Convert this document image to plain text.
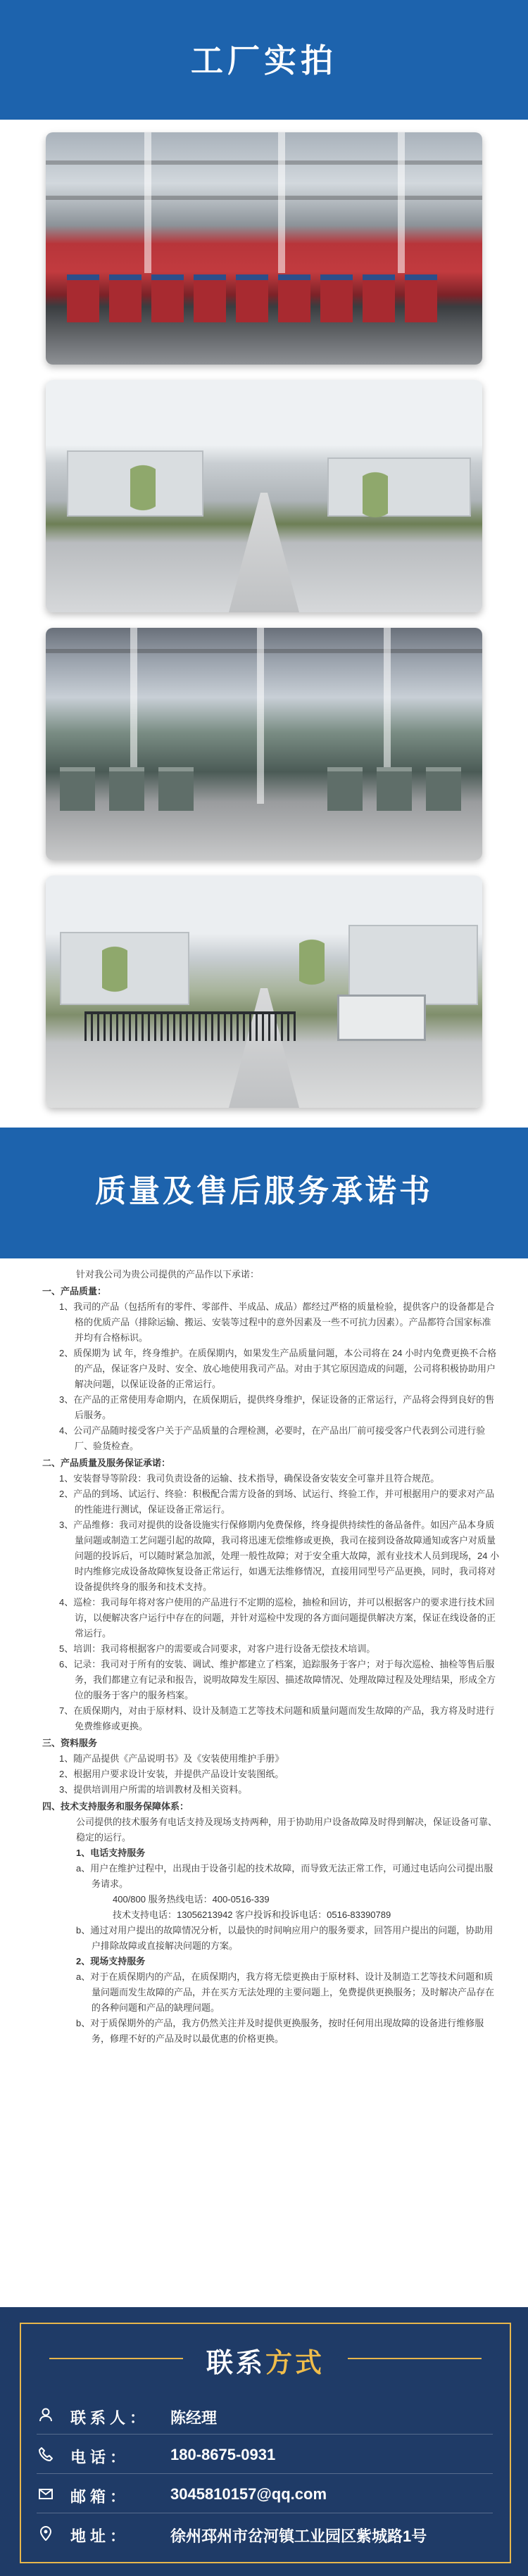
工厂实拍
质量及售后服务承诺书

针对我公司为贵公司提供的产品作以下承诺：

一、产品质量：

1、我司的产品（包括所有的零件、零部件、半成品、成品）都经过严格的质量检验，提供客户的设备都是合格的优质产品（排除运输、搬运、安装等过程中的意外因素及一些不可抗力因素）。产品都符合国家标准并均有合格标识。

2、质保期为 试 年，终身维护。在质保期内，如果发生产品质量问题，本公司将在 24 小时内免费更换不合格的产品，保证客户及时、安全、放心地使用我司产品。对由于其它原因造成的问题，公司将积极协助用户解决问题，以保证设备的正常运行。

3、在产品的正常使用寿命期内，在质保期后，提供终身维护，保证设备的正常运行，产品将会得到良好的售后服务。

4、公司产品随时接受客户关于产品质量的合理检测，必要时，在产品出厂前可接受客户代表到公司进行验厂、验货检查。

二、产品质量及服务保证承诺：

1、安装督导等阶段：我司负责设备的运输、技术指导，确保设备安装安全可靠并且符合规范。

2、产品的到场、试运行、终验：积极配合需方设备的到场、试运行、终验工作，并可根据用户的要求对产品的性能进行测试，保证设备正常运行。

3、产品维修：我司对提供的设备设施实行保修期内免费保修，终身提供持续性的备品备件。如因产品本身质量问题或制造工艺问题引起的故障，我司将迅速无偿维修或更换，我司在接到设备故障通知或客户对质量问题的投诉后，可以随时紧急加派，处理一般性故障；对于安全重大故障，派有业技术人员到现场，24 小时内维修完成设备故障恢复设备正常运行，如遇无法维修情况，直接用同型号产品更换，同时，我司将对设备提供终身的服务和技术支持。

4、巡检：我司每年将对客户使用的产品进行不定期的巡检，抽检和回访，并可以根据客户的要求进行技术回访，以便解决客户运行中存在的问题，并针对巡检中发现的各方面问题提供解决方案，保证在线设备的正常运行。

5、培训：我司将根据客户的需要或合同要求，对客户进行设备无偿技术培训。

6、记录：我司对于所有的安装、调试、维护都建立了档案，追踪服务于客户；对于每次巡检、抽检等售后服务，我们都建立有记录和报告，说明故障发生原因、描述故障情况、处理故障过程及处理结果，形成全方位的服务于客户的服务档案。

7、在质保期内，对由于原材料、设计及制造工艺等技术问题和质量问题而发生故障的产品，我方将及时进行免费维修或更换。

三、资料服务

1、随产品提供《产品说明书》及《安装使用维护手册》

2、根据用户要求设计安装，并提供产品设计安装图纸。

3、提供培训用户所需的培训教材及相关资料。

四、技术支持服务和服务保障体系：

公司提供的技术服务有电话支持及现场支持两种，用于协助用户设备故障及时得到解决，保证设备可靠、稳定的运行。

1、电话支持服务

a、用户在维护过程中，出现由于设备引起的技术故障，而导致无法正常工作，可通过电话向公司提出服务请求。

400/800 服务热线电话：400-0516-339

技术支持电话：13056213942 客户投诉和投诉电话：0516-83390789

b、通过对用户提出的故障情况分析，以最快的时间响应用户的服务要求，回答用户提出的问题，协助用户排除故障或直接解决问题的方案。

2、现场支持服务

a、对于在质保期内的产品，在质保期内，我方将无偿更换由于原材料、设计及制造工艺等技术问题和质量问题而发生故障的产品，并在买方无法处理的主要问题上，免费提供更换服务；及时解决产品存在的各种问题和产品的缺理问题。

b、对于质保期外的产品，我方仍然关注并及时提供更换服务，按时任何用出现故障的设备进行维修服务，修理不好的产品及时以最优惠的价格更换。

联系方式
联系人：	陈经理
电话：	180-8675-0931
邮箱：	3045810157@qq.com
地址：	徐州邳州市岔河镇工业园区紫城路1号
